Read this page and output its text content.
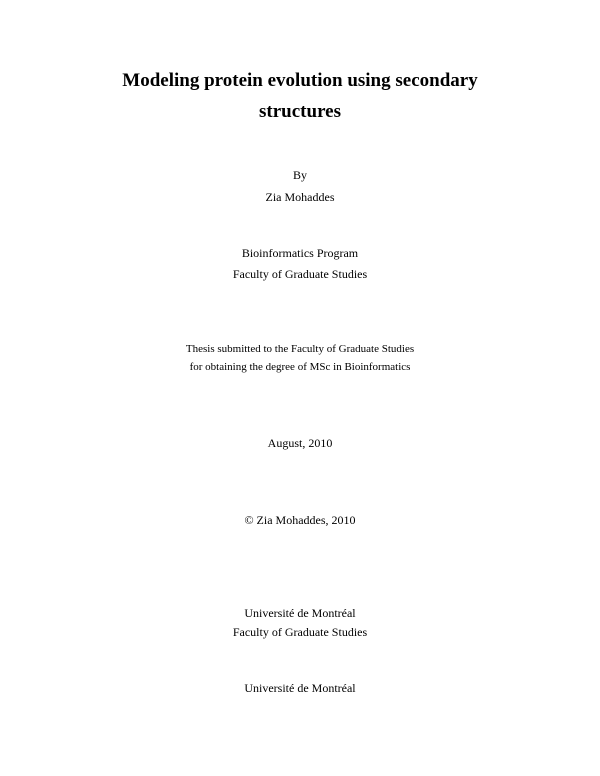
Modeling protein evolution using secondary
structures
By
Zia Mohaddes
Bioinformatics Program
Faculty of Graduate Studies
Thesis submitted to the Faculty of Graduate Studies
for obtaining the degree of MSc in Bioinformatics
August, 2010
© Zia Mohaddes, 2010
Université de Montréal
Faculty of Graduate Studies
Université de Montréal
